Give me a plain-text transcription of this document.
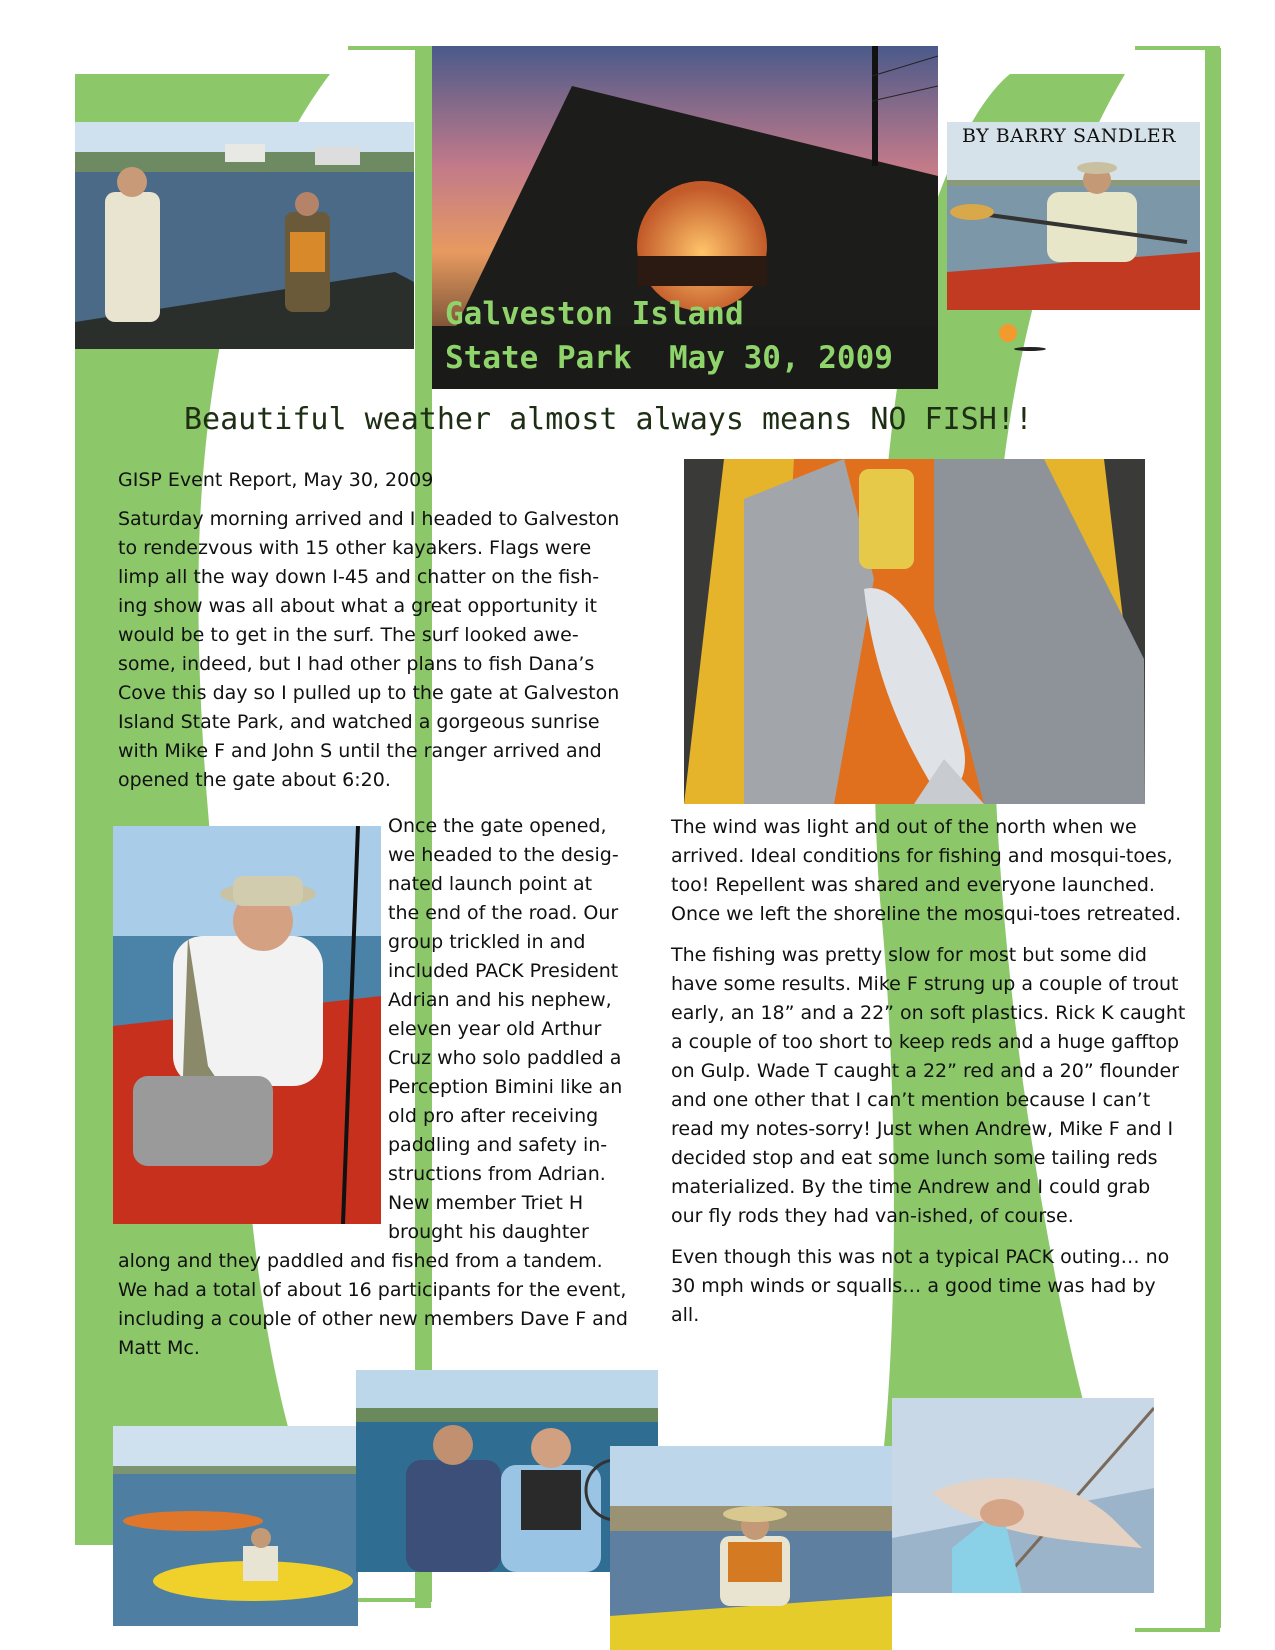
Galveston Island
State Park  May 30, 2009
BY BARRY SANDLER
Beautiful weather almost always means NO FISH!!

GISP Event Report, May 30, 2009

Saturday morning arrived and I headed to Galveston to rendezvous with 15 other kayakers. Flags were limp all the way down I-45 and chatter on the fish-ing show was all about what a great opportunity it would be to get in the surf. The surf looked awe-some, indeed, but I had other plans to fish Dana’s Cove this day so I pulled up to the gate at Galveston Island State Park, and watched a gorgeous sunrise with Mike F and John S until the ranger arrived and opened the gate about 6:20.

Once the gate opened, we headed to the desig-nated launch point at the end of the road. Our group trickled in and included PACK President Adrian and his nephew, eleven year old Arthur Cruz who solo paddled a Perception Bimini like an old pro after receiving paddling and safety in-structions from Adrian. New member Triet H brought his daughter
along and they paddled and fished from a tandem. We had a total of about 16 participants for the event, including a couple of other new members Dave F and Matt Mc.

The wind was light and out of the north when we arrived. Ideal conditions for fishing and mosqui-toes, too! Repellent was shared and everyone launched. Once we left the shoreline the mosqui-toes retreated.

The fishing was pretty slow for most but some did have some results. Mike F strung up a couple of trout early, an 18” and a 22” on soft plastics. Rick K caught a couple of too short to keep reds and a huge gafftop on Gulp. Wade T caught a 22” red and a 20” flounder and one other that I can’t mention because I can’t read my notes-sorry! Just when Andrew, Mike F and I decided stop and eat some lunch some tailing reds materialized. By the time Andrew and I could grab our fly rods they had van-ished, of course.

Even though this was not a typical PACK outing… no 30 mph winds or squalls… a good time was had by all.
